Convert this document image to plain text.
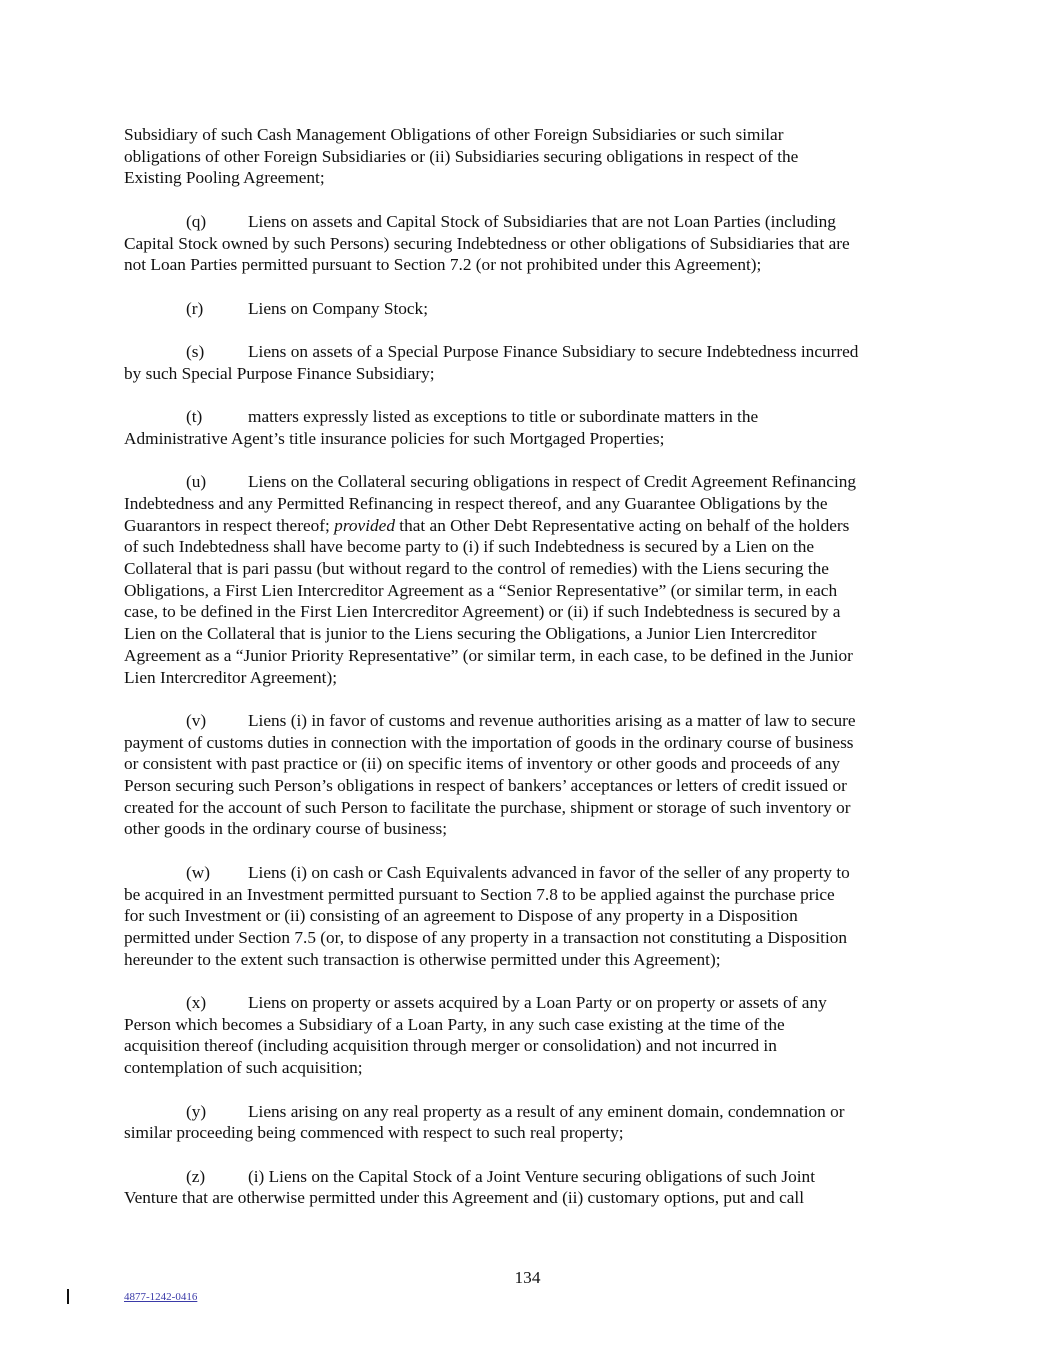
Subsidiary of such Cash Management Obligations of other Foreign Subsidiaries or such similar
obligations of other Foreign Subsidiaries or (ii) Subsidiaries securing obligations in respect of the
Existing Pooling Agreement;
(q) Liens on assets and Capital Stock of Subsidiaries that are not Loan Parties (including
Capital Stock owned by such Persons) securing Indebtedness or other obligations of Subsidiaries that are
not Loan Parties permitted pursuant to Section 7.2 (or not prohibited under this Agreement);
(r)	Liens on Company Stock;
(s)	Liens on assets of a Special Purpose Finance Subsidiary to secure Indebtedness incurred
by such Special Purpose Finance Subsidiary;
(t)	matters expressly listed as exceptions to title or subordinate matters in the
Administrative Agent’s title insurance policies for such Mortgaged Properties;
(u) Liens on the Collateral securing obligations in respect of Credit Agreement Refinancing
Indebtedness and any Permitted Refinancing in respect thereof, and any Guarantee Obligations by the
Guarantors in respect thereof; provided that an Other Debt Representative acting on behalf of the holders
of such Indebtedness shall have become party to (i) if such Indebtedness is secured by a Lien on the
Collateral that is pari passu (but without regard to the control of remedies) with the Liens securing the
Obligations, a First Lien Intercreditor Agreement as a “Senior Representative” (or similar term, in each
case, to be defined in the First Lien Intercreditor Agreement) or (ii) if such Indebtedness is secured by a
Lien on the Collateral that is junior to the Liens securing the Obligations, a Junior Lien Intercreditor
Agreement as a “Junior Priority Representative” (or similar term, in each case, to be defined in the Junior
Lien Intercreditor Agreement);
(v) Liens (i) in favor of customs and revenue authorities arising as a matter of law to secure
payment of customs duties in connection with the importation of goods in the ordinary course of business
or consistent with past practice or (ii) on specific items of inventory or other goods and proceeds of any
Person securing such Person’s obligations in respect of bankers’ acceptances or letters of credit issued or
created for the account of such Person to facilitate the purchase, shipment or storage of such inventory or
other goods in the ordinary course of business;
(w) Liens (i) on cash or Cash Equivalents advanced in favor of the seller of any property to
be acquired in an Investment permitted pursuant to Section 7.8 to be applied against the purchase price
for such Investment or (ii) consisting of an agreement to Dispose of any property in a Disposition
permitted under Section 7.5 (or, to dispose of any property in a transaction not constituting a Disposition
hereunder to the extent such transaction is otherwise permitted under this Agreement);
(x) Liens on property or assets acquired by a Loan Party or on property or assets of any
Person which becomes a Subsidiary of a Loan Party, in any such case existing at the time of the
acquisition thereof (including acquisition through merger or consolidation) and not incurred in
contemplation of such acquisition;
(y) Liens arising on any real property as a result of any eminent domain, condemnation or
similar proceeding being commenced with respect to such real property;
(z) (i) Liens on the Capital Stock of a Joint Venture securing obligations of such Joint
Venture that are otherwise permitted under this Agreement and (ii) customary options, put and call
134
4877-1242-0416
